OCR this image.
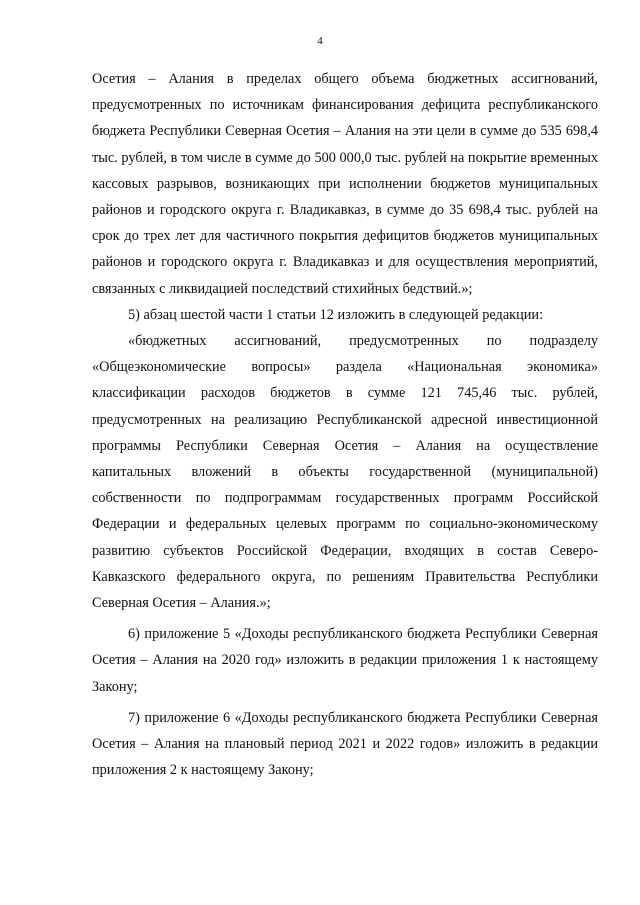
4

Осетия – Алания в пределах общего объема бюджетных ассигнований, предусмотренных по источникам финансирования дефицита республиканского бюджета Республики Северная Осетия – Алания на эти цели в сумме до 535 698,4 тыс. рублей, в том числе в сумме до 500 000,0 тыс. рублей на покрытие временных кассовых разрывов, возникающих при исполнении бюджетов муниципальных районов и городского округа г. Владикавказ, в сумме до 35 698,4 тыс. рублей на срок до трех лет для частичного покрытия дефицитов бюджетов муниципальных районов и городского округа г. Владикавказ и для осуществления мероприятий, связанных с ликвидацией последствий стихийных бедствий.»;

5) абзац шестой части 1 статьи 12 изложить в следующей редакции:

«бюджетных ассигнований, предусмотренных по подразделу «Общеэкономические вопросы» раздела «Национальная экономика» классификации расходов бюджетов в сумме 121 745,46 тыс. рублей, предусмотренных на реализацию Республиканской адресной инвестиционной программы Республики Северная Осетия – Алания на осуществление капитальных вложений в объекты государственной (муниципальной) собственности по подпрограммам государственных программ Российской Федерации и федеральных целевых программ по социально-экономическому развитию субъектов Российской Федерации, входящих в состав Северо-Кавказского федерального округа, по решениям Правительства Республики Северная Осетия – Алания.»;

6) приложение 5 «Доходы республиканского бюджета Республики Северная Осетия – Алания на 2020 год» изложить в редакции приложения 1 к настоящему Закону;

7) приложение 6 «Доходы республиканского бюджета Республики Северная Осетия – Алания на плановый период 2021 и 2022 годов» изложить в редакции приложения 2 к настоящему Закону;
